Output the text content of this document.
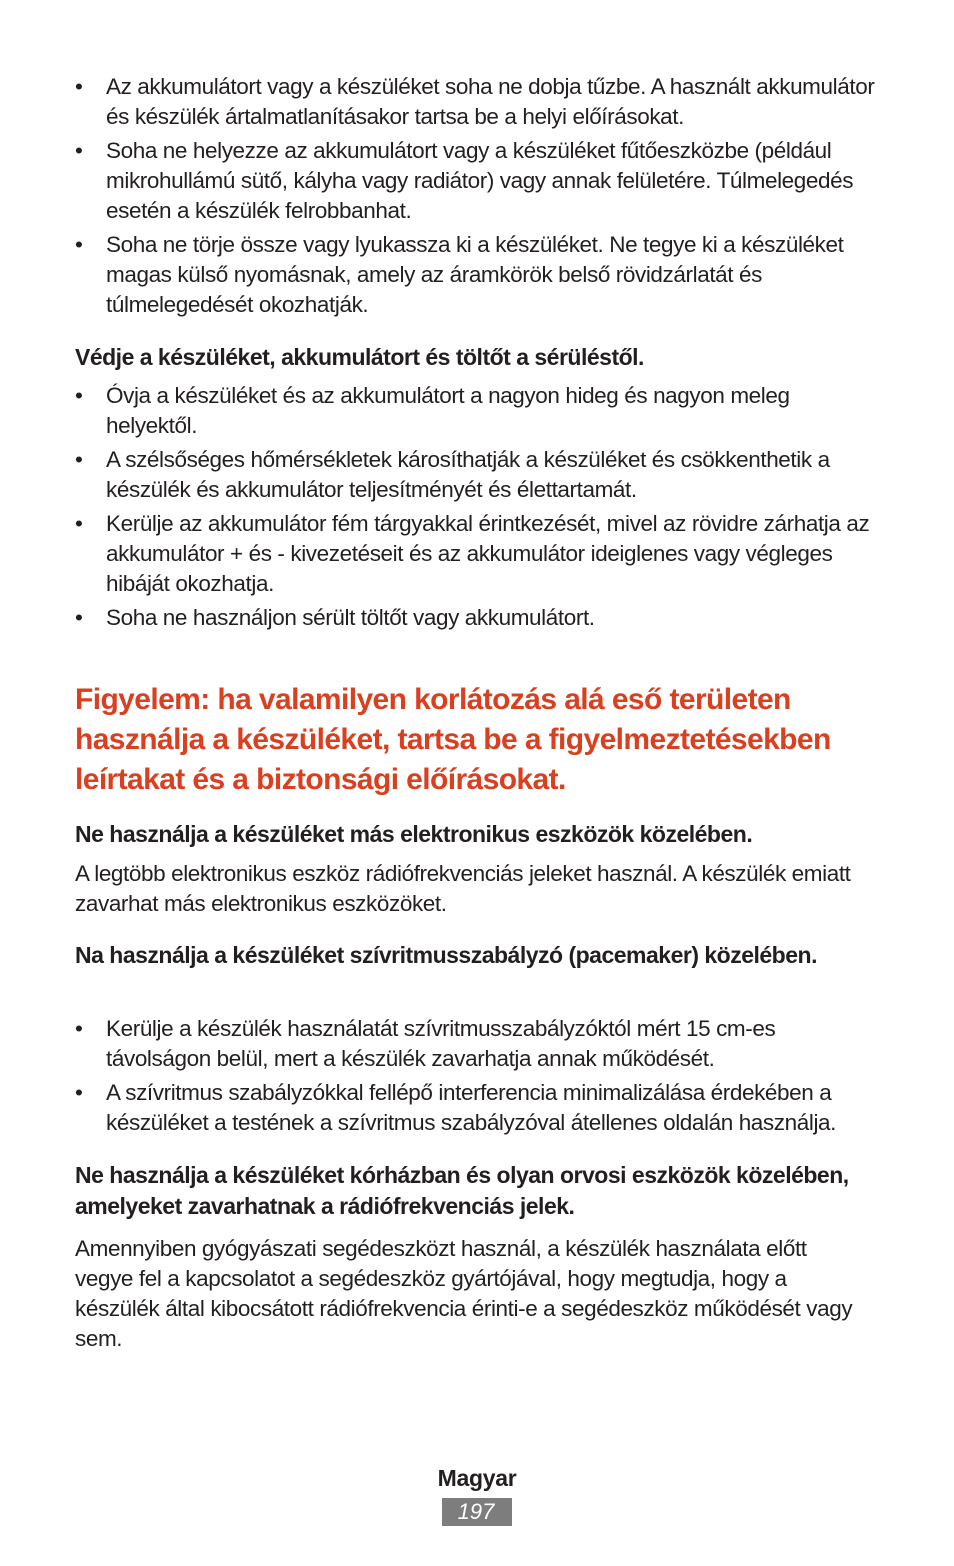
•	Az akkumulátort vagy a készüléket soha ne dobja tűzbe. A használt akkumulátor és készülék ártalmatlanításakor tartsa be a helyi előírásokat.
•	Soha ne helyezze az akkumulátort vagy a készüléket fűtőeszközbe (például mikrohullámú sütő, kályha vagy radiátor) vagy annak felületére. Túlmelegedés esetén a készülék felrobbanhat.
•	Soha ne törje össze vagy lyukassza ki a készüléket. Ne tegye ki a készüléket magas külső nyomásnak, amely az áramkörök belső rövidzárlatát és túlmelegedését okozhatják.

Védje a készüléket, akkumulátort és töltőt a sérüléstől.

•	Óvja a készüléket és az akkumulátort a nagyon hideg és nagyon meleg helyektől.
•	A szélsőséges hőmérsékletek károsíthatják a készüléket és csökkenthetik a készülék és akkumulátor teljesítményét és élettartamát.
•	Kerülje az akkumulátor fém tárgyakkal érintkezését, mivel az rövidre zárhatja az akkumulátor + és - kivezetéseit és az akkumulátor ideiglenes vagy végleges hibáját okozhatja.
•	Soha ne használjon sérült töltőt vagy akkumulátort.

Figyelem: ha valamilyen korlátozás alá eső területen használja a készüléket, tartsa be a figyelmeztetésekben leírtakat és a biztonsági előírásokat.

Ne használja a készüléket más elektronikus eszközök közelében.

A legtöbb elektronikus eszköz rádiófrekvenciás jeleket használ. A készülék emiatt zavarhat más elektronikus eszközöket.

Na használja a készüléket szívritmusszabályzó (pacemaker) közelében.

•	Kerülje a készülék használatát szívritmusszabályzóktól mért 15 cm-es távolságon belül, mert a készülék zavarhatja annak működését.
•	A szívritmus szabályzókkal fellépő interferencia minimalizálása érdekében a készüléket a testének a szívritmus szabályzóval átellenes oldalán használja.

Ne használja a készüléket kórházban és olyan orvosi eszközök közelében, amelyeket zavarhatnak a rádiófrekvenciás jelek.

Amennyiben gyógyászati segédeszközt használ, a készülék használata előtt vegye fel a kapcsolatot a segédeszköz gyártójával, hogy megtudja, hogy a készülék által kibocsátott rádiófrekvencia érinti-e a segédeszköz működését vagy sem.

Magyar
197
